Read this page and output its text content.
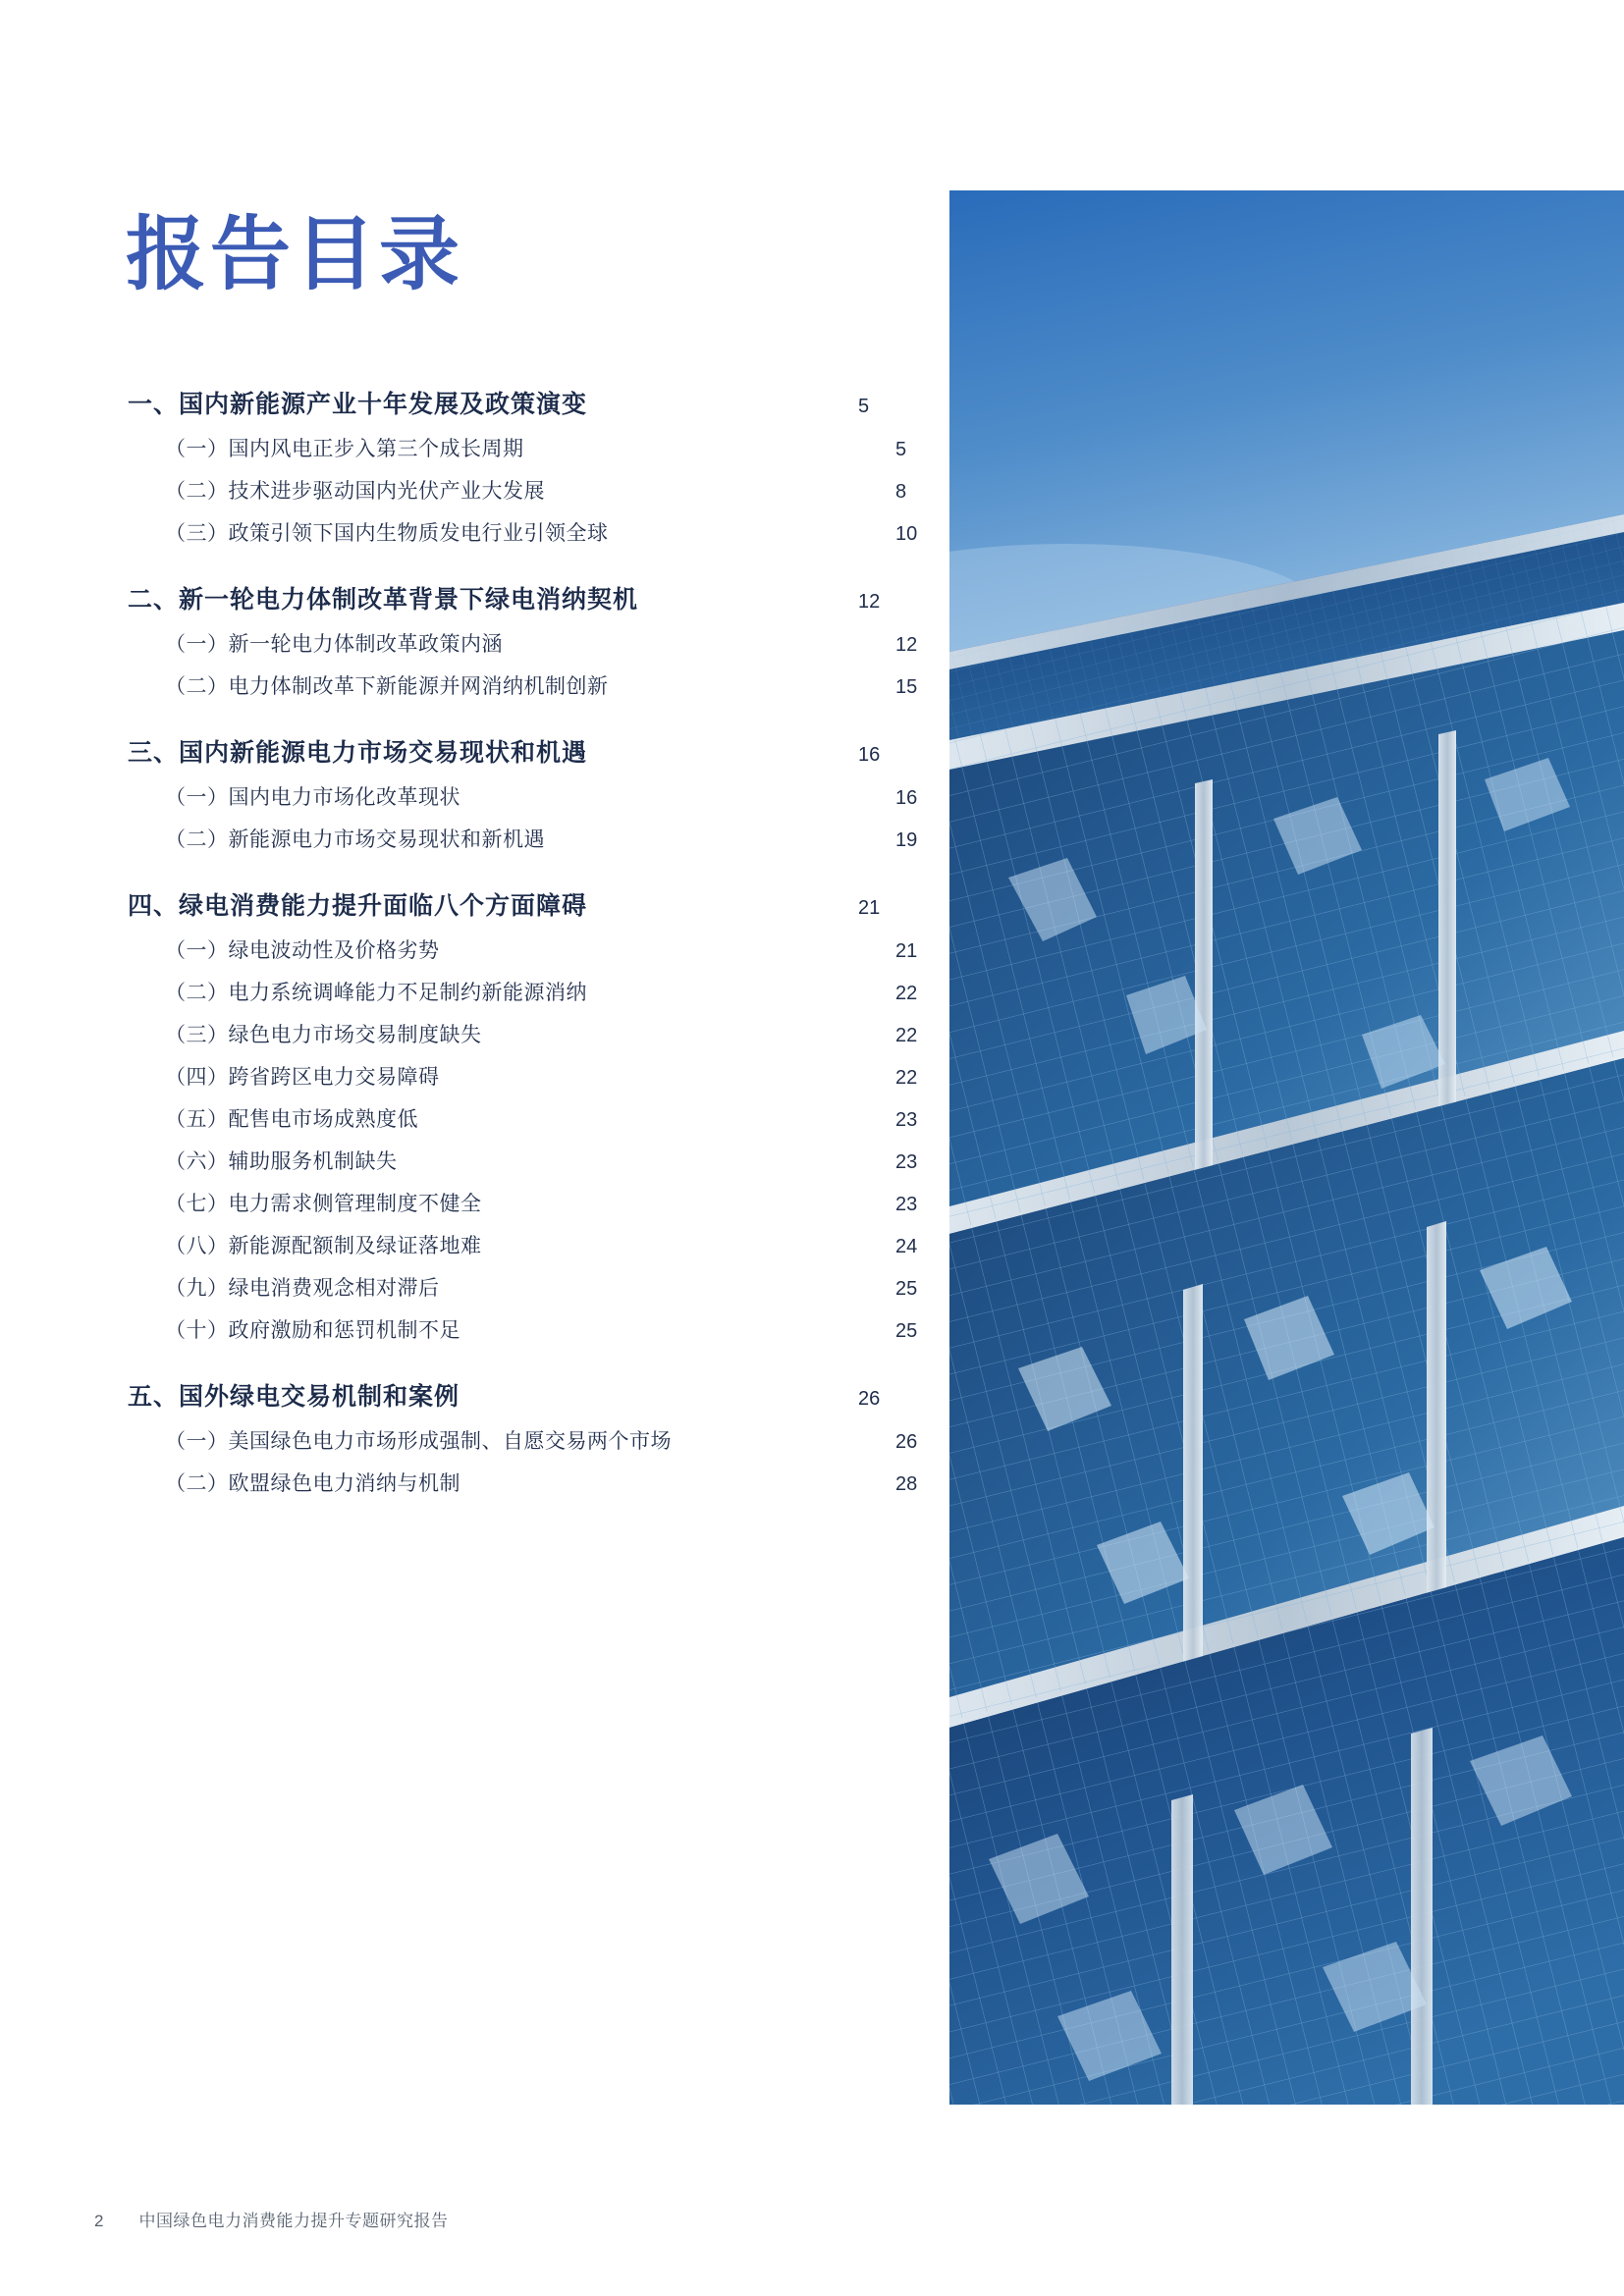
报告目录
一、国内新能源产业十年发展及政策演变	5
（一）国内风电正步入第三个成长周期	5
（二）技术进步驱动国内光伏产业大发展	8
（三）政策引领下国内生物质发电行业引领全球	10
二、新一轮电力体制改革背景下绿电消纳契机	12
（一）新一轮电力体制改革政策内涵	12
（二）电力体制改革下新能源并网消纳机制创新	15
三、国内新能源电力市场交易现状和机遇	16
（一）国内电力市场化改革现状	16
（二）新能源电力市场交易现状和新机遇	19
四、绿电消费能力提升面临八个方面障碍	21
（一）绿电波动性及价格劣势	21
（二）电力系统调峰能力不足制约新能源消纳	22
（三）绿色电力市场交易制度缺失	22
（四）跨省跨区电力交易障碍	22
（五）配售电市场成熟度低	23
（六）辅助服务机制缺失	23
（七）电力需求侧管理制度不健全	23
（八）新能源配额制及绿证落地难	24
（九）绿电消费观念相对滞后	25
（十）政府激励和惩罚机制不足	25
五、国外绿电交易机制和案例	26
（一）美国绿色电力市场形成强制、自愿交易两个市场	26
（二）欧盟绿色电力消纳与机制	28
2 中国绿色电力消费能力提升专题研究报告
